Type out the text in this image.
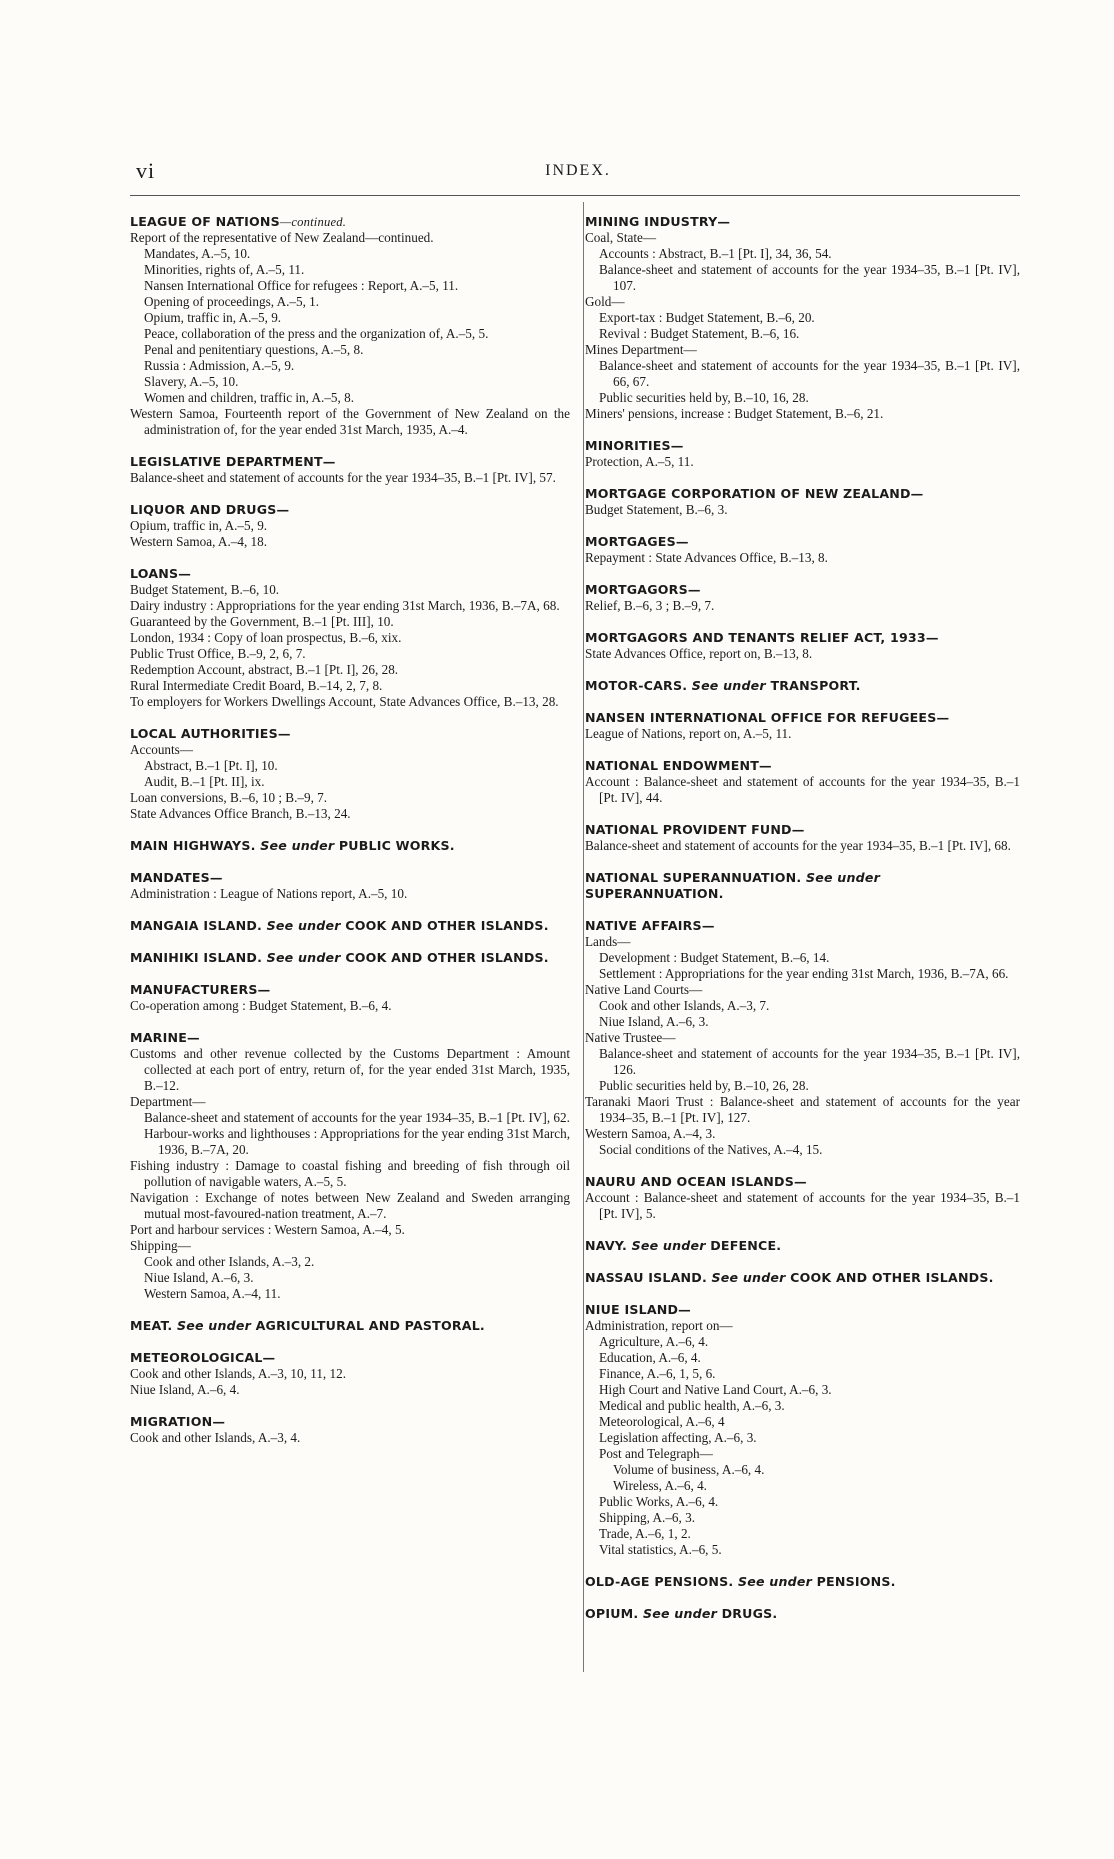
vi	INDEX.
LEAGUE OF NATIONS—continued.
Report of the representative of New Zealand—continued.
Mandates, A.–5, 10.
Minorities, rights of, A.–5, 11.
Nansen International Office for refugees : Report, A.–5, 11.
Opening of proceedings, A.–5, 1.
Opium, traffic in, A.–5, 9.
Peace, collaboration of the press and the organization of, A.–5, 5.
Penal and penitentiary questions, A.–5, 8.
Russia : Admission, A.–5, 9.
Slavery, A.–5, 10.
Women and children, traffic in, A.–5, 8.
Western Samoa, Fourteenth report of the Government of New Zealand on the administration of, for the year ended 31st March, 1935, A.–4.
LEGISLATIVE DEPARTMENT—
Balance-sheet and statement of accounts for the year 1934–35, B.–1 [Pt. IV], 57.
LIQUOR AND DRUGS—
Opium, traffic in, A.–5, 9.
Western Samoa, A.–4, 18.
LOANS—
Budget Statement, B.–6, 10.
Dairy industry : Appropriations for the year ending 31st March, 1936, B.–7A, 68.
Guaranteed by the Government, B.–1 [Pt. III], 10.
London, 1934 : Copy of loan prospectus, B.–6, xix.
Public Trust Office, B.–9, 2, 6, 7.
Redemption Account, abstract, B.–1 [Pt. I], 26, 28.
Rural Intermediate Credit Board, B.–14, 2, 7, 8.
To employers for Workers Dwellings Account, State Advances Office, B.–13, 28.
LOCAL AUTHORITIES—
Accounts—
Abstract, B.–1 [Pt. I], 10.
Audit, B.–1 [Pt. II], ix.
Loan conversions, B.–6, 10 ; B.–9, 7.
State Advances Office Branch, B.–13, 24.
MAIN HIGHWAYS. See under PUBLIC WORKS.
MANDATES—
Administration : League of Nations report, A.–5, 10.
MANGAIA ISLAND. See under COOK AND OTHER ISLANDS.
MANIHIKI ISLAND. See under COOK AND OTHER ISLANDS.
MANUFACTURERS—
Co-operation among : Budget Statement, B.–6, 4.
MARINE—
Customs and other revenue collected by the Customs Department : Amount collected at each port of entry, return of, for the year ended 31st March, 1935, B.–12.
Department—
Balance-sheet and statement of accounts for the year 1934–35, B.–1 [Pt. IV], 62.
Harbour-works and lighthouses : Appropriations for the year ending 31st March, 1936, B.–7A, 20.
Fishing industry : Damage to coastal fishing and breeding of fish through oil pollution of navigable waters, A.–5, 5.
Navigation : Exchange of notes between New Zealand and Sweden arranging mutual most-favoured-nation treatment, A.–7.
Port and harbour services : Western Samoa, A.–4, 5.
Shipping—
Cook and other Islands, A.–3, 2.
Niue Island, A.–6, 3.
Western Samoa, A.–4, 11.
MEAT. See under AGRICULTURAL AND PASTORAL.
METEOROLOGICAL—
Cook and other Islands, A.–3, 10, 11, 12.
Niue Island, A.–6, 4.
MIGRATION—
Cook and other Islands, A.–3, 4.
MINING INDUSTRY—
Coal, State—
Accounts : Abstract, B.–1 [Pt. I], 34, 36, 54.
Balance-sheet and statement of accounts for the year 1934–35, B.–1 [Pt. IV], 107.
Gold—
Export-tax : Budget Statement, B.–6, 20.
Revival : Budget Statement, B.–6, 16.
Mines Department—
Balance-sheet and statement of accounts for the year 1934–35, B.–1 [Pt. IV], 66, 67.
Public securities held by, B.–10, 16, 28.
Miners' pensions, increase : Budget Statement, B.–6, 21.
MINORITIES—
Protection, A.–5, 11.
MORTGAGE CORPORATION OF NEW ZEALAND—
Budget Statement, B.–6, 3.
MORTGAGES—
Repayment : State Advances Office, B.–13, 8.
MORTGAGORS—
Relief, B.–6, 3 ; B.–9, 7.
MORTGAGORS AND TENANTS RELIEF ACT, 1933—
State Advances Office, report on, B.–13, 8.
MOTOR-CARS. See under TRANSPORT.
NANSEN INTERNATIONAL OFFICE FOR REFUGEES—
League of Nations, report on, A.–5, 11.
NATIONAL ENDOWMENT—
Account : Balance-sheet and statement of accounts for the year 1934–35, B.–1 [Pt. IV], 44.
NATIONAL PROVIDENT FUND—
Balance-sheet and statement of accounts for the year 1934–35, B.–1 [Pt. IV], 68.
NATIONAL SUPERANNUATION. See under SUPERANNUATION.
NATIVE AFFAIRS—
Lands—
Development : Budget Statement, B.–6, 14.
Settlement : Appropriations for the year ending 31st March, 1936, B.–7A, 66.
Native Land Courts—
Cook and other Islands, A.–3, 7.
Niue Island, A.–6, 3.
Native Trustee—
Balance-sheet and statement of accounts for the year 1934–35, B.–1 [Pt. IV], 126.
Public securities held by, B.–10, 26, 28.
Taranaki Maori Trust : Balance-sheet and statement of accounts for the year 1934–35, B.–1 [Pt. IV], 127.
Western Samoa, A.–4, 3.
Social conditions of the Natives, A.–4, 15.
NAURU AND OCEAN ISLANDS—
Account : Balance-sheet and statement of accounts for the year 1934–35, B.–1 [Pt. IV], 5.
NAVY. See under DEFENCE.
NASSAU ISLAND. See under COOK AND OTHER ISLANDS.
NIUE ISLAND—
Administration, report on—
Agriculture, A.–6, 4.
Education, A.–6, 4.
Finance, A.–6, 1, 5, 6.
High Court and Native Land Court, A.–6, 3.
Medical and public health, A.–6, 3.
Meteorological, A.–6, 4
Legislation affecting, A.–6, 3.
Post and Telegraph—
Volume of business, A.–6, 4.
Wireless, A.–6, 4.
Public Works, A.–6, 4.
Shipping, A.–6, 3.
Trade, A.–6, 1, 2.
Vital statistics, A.–6, 5.
OLD-AGE PENSIONS. See under PENSIONS.
OPIUM. See under DRUGS.
